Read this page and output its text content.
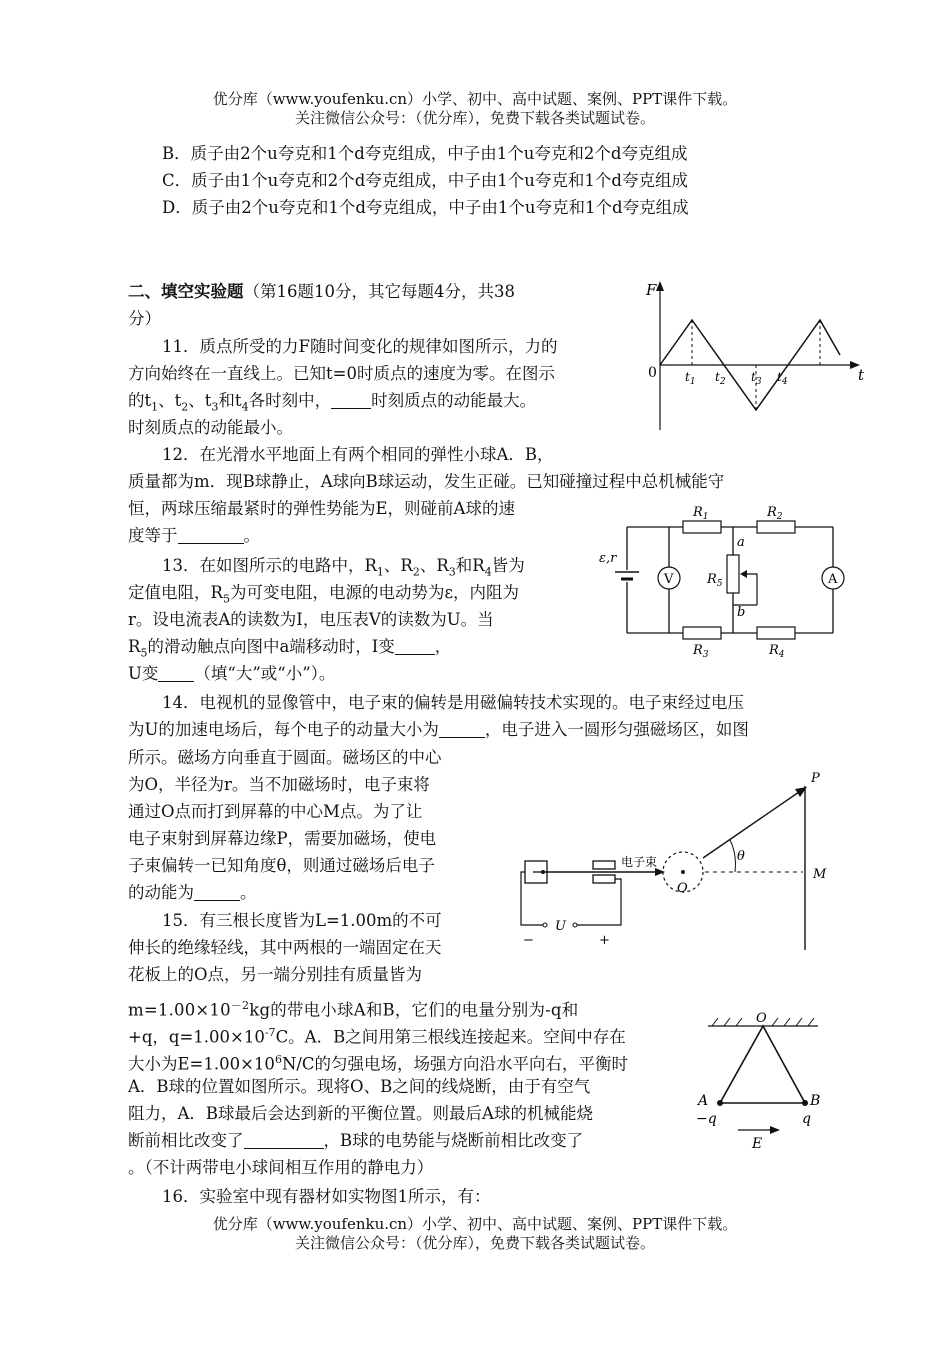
优分库（www.youfenku.cn）小学、初中、高中试题、案例、PPT课件下载。
关注微信公众号：（优分库），免费下载各类试题试卷。
B．质子由2个u夸克和1个d夸克组成，中子由1个u夸克和2个d夸克组成
C．质子由1个u夸克和2个d夸克组成，中子由1个u夸克和1个d夸克组成
D．质子由2个u夸克和1个d夸克组成，中子由1个u夸克和1个d夸克组成
二、填空实验题（第16题10分，其它每题4分，共38
分）
11．质点所受的力F随时间变化的规律如图所示，力的
方向始终在一直线上。已知t=0时质点的速度为零。在图示
的$t_1$、$t_2$、$t_3$和$t_4$各时刻中， 时刻质点的动能最大。
时刻质点的动能最小。
F
t
0 $t_1$ $t_2$ $t_3$ $t_4$
12．在光滑水平地面上有两个相同的弹性小球A．B，
质量都为m．现B球静止，A球向B球运动，发生正碰。已知碰撞过程中总机械能守
恒，两球压缩最紧时的弹性势能为E，则碰前A球的速
度等于	。
13．在如图所示的电路中，$R_1$、$R_2$、$R_3$和$R_4$皆为
定值电阻，$R_5$为可变电阻，电源的电动势为ε，内阻为
r。设电流表A的读数为I，电压表V的读数为U。当
$R_5$的滑动触点向图中a端移动时，I变 ，
U变 （填“大”或“小”）。
ε,r
$R_1$	$R_2$
$R_3$	$R_4$
$R_5$
a
b
V	A
14．电视机的显像管中，电子束的偏转是用磁偏转技术实现的。电子束经过电压
为U的加速电场后，每个电子的动量大小为	，电子进入一圆形匀强磁场区，如图
所示。磁场方向垂直于圆面。磁场区的中心
为O，半径为r。当不加磁场时，电子束将
通过O点而打到屏幕的中心M点。为了让
电子束射到屏幕边缘P，需要加磁场，使电
子束偏转一已知角度θ，则通过磁场后电子
的动能为	。
电子束
O
θ
P
M
U
−	+
15．有三根长度皆为L=1.00m的不可
伸长的绝缘轻线，其中两根的一端固定在天
花板上的O点，另一端分别挂有质量皆为
$m=1.00\times 10^{-2}kg$的带电小球A和B，它们的电量分别为-q和
+q，$q=1.00\times 10^{-7}C$。A．B之间用第三根线连接起来。空间中存在
大小为$E=1.00\times 10^6N/C$的匀强电场，场强方向沿水平向右，平衡时
A．B球的位置如图所示。现将O、B之间的线烧断，由于有空气
阻力，A．B球最后会达到新的平衡位置。则最后A球的机械能烧
断前相比改变了	，B球的电势能与烧断前相比改变了
。（不计两带电小球间相互作用的静电力）
O
A	B
−q	q
E
16．实验室中现有器材如实物图1所示，有：
优分库（www.youfenku.cn）小学、初中、高中试题、案例、PPT课件下载。
关注微信公众号：（优分库），免费下载各类试题试卷。
